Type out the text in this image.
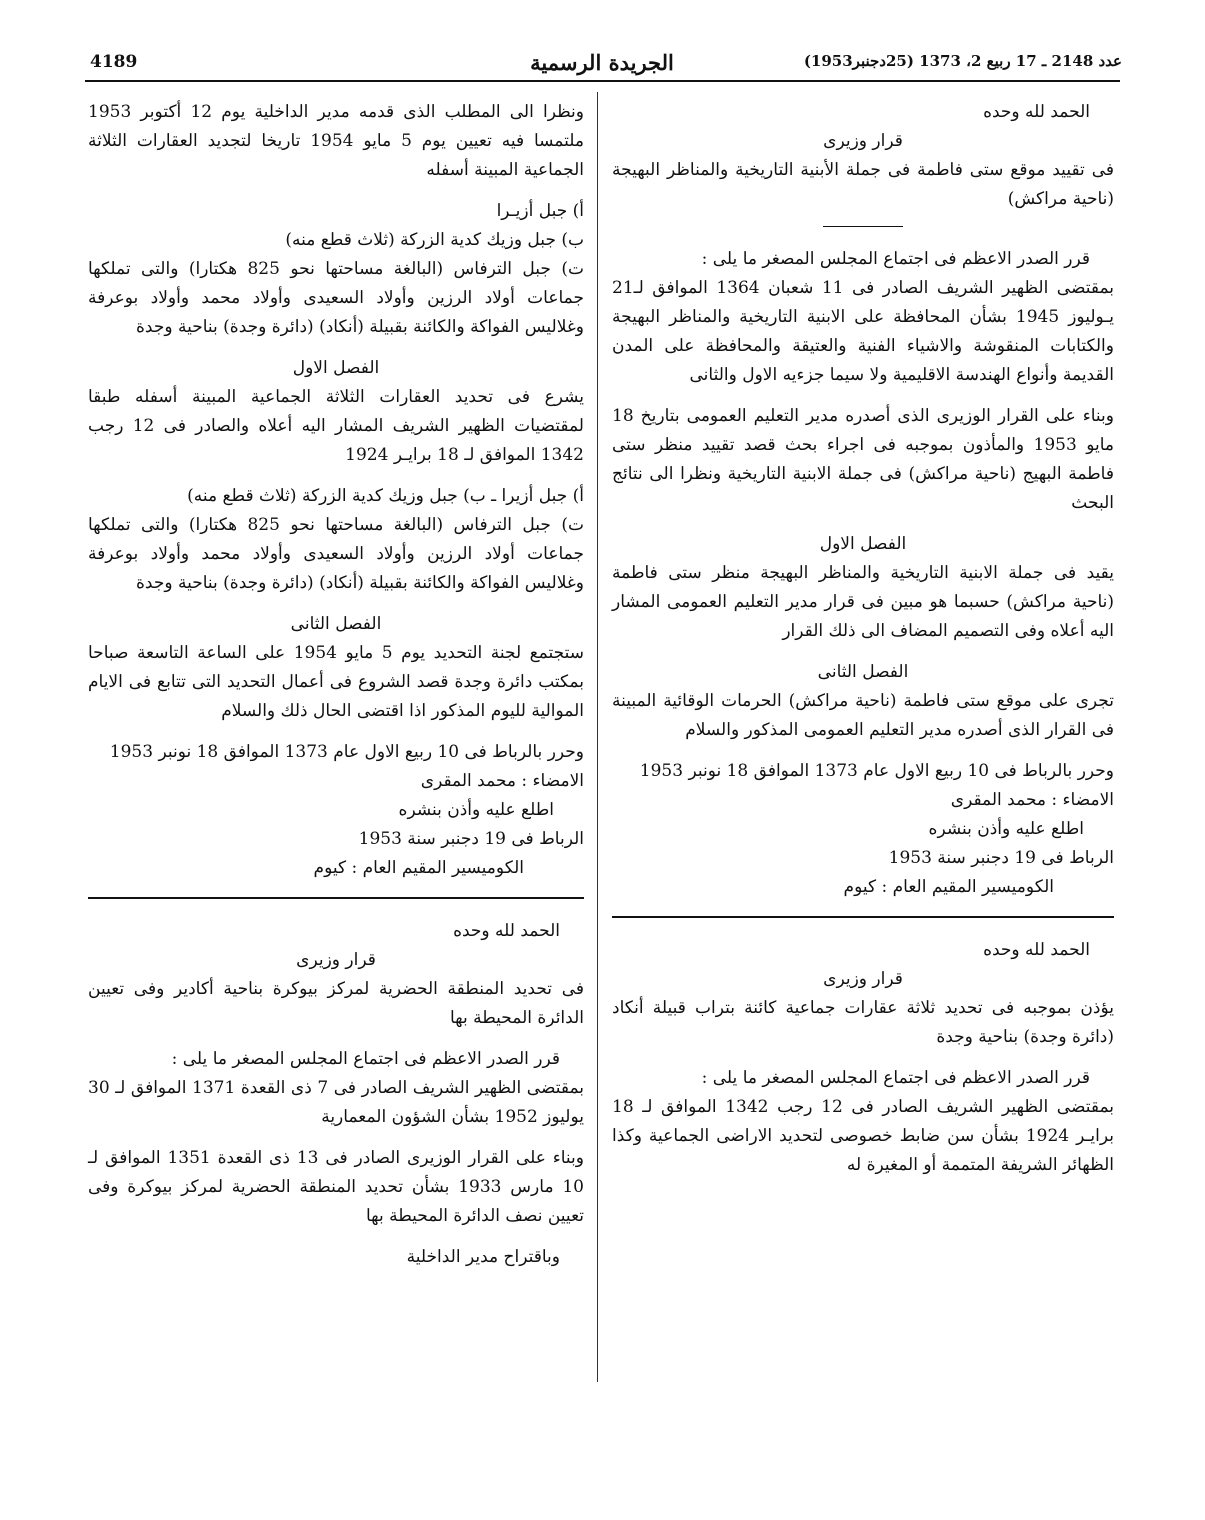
4189	الجريدة الرسمية	عدد 2148 ـ 17 ربيع 2، 1373 (25دجنبر1953)
الحمد لله وحده
قرار وزيرى
فى تقييد موقع ستى فاطمة فى جملة الأبنية التاريخية والمناظر البهيجة (ناحية مراكش)
قرر الصدر الاعظم فى اجتماع المجلس المصغر ما يلى :
بمقتضى الظهير الشريف الصادر فى 11 شعبان 1364 الموافق لـ21 يـوليوز 1945 بشأن المحافظة على الابنية التاريخية والمناظر البهيجة والكتابات المنقوشة والاشياء الفنية والعتيقة والمحافظة على المدن القديمة وأنواع الهندسة الاقليمية ولا سيما جزءيه الاول والثانى
وبناء على القرار الوزيرى الذى أصدره مدير التعليم العمومى بتاريخ 18 مايو 1953 والمأذون بموجبه فى اجراء بحث قصد تقييد منظر ستى فاطمة البهيج (ناحية مراكش) فى جملة الابنية التاريخية ونظرا الى نتائج البحث
الفصل الاول
يقيد فى جملة الابنية التاريخية والمناظر البهيجة منظر ستى فاطمة (ناحية مراكش) حسبما هو مبين فى قرار مدير التعليم العمومى المشار اليه أعلاه وفى التصميم المضاف الى ذلك القرار
الفصل الثانى
تجرى على موقع ستى فاطمة (ناحية مراكش) الحرمات الوقائية المبينة فى القرار الذى أصدره مدير التعليم العمومى المذكور والسلام
وحرر بالرباط فى 10 ربيع الاول عام 1373 الموافق 18 نونبر 1953
الامضاء : محمد المقرى
اطلع عليه وأذن بنشره
الرباط فى 19 دجنبر سنة 1953
الكوميسير المقيم العام : كيوم
الحمد لله وحده
قرار وزيرى
يؤذن بموجبه فى تحديد ثلاثة عقارات جماعية كائنة بتراب قبيلة أنكاد (دائرة وجدة) بناحية وجدة
قرر الصدر الاعظم فى اجتماع المجلس المصغر ما يلى :
بمقتضى الظهير الشريف الصادر فى 12 رجب 1342 الموافق لـ 18 برايـر 1924 بشأن سن ضابط خصوصى لتحديد الاراضى الجماعية وكذا الظهائر الشريفة المتممة أو المغيرة له
ونظرا الى المطلب الذى قدمه مدير الداخلية يوم 12 أكتوبر 1953 ملتمسا فيه تعيين يوم 5 مايو 1954 تاريخا لتجديد العقارات الثلاثة الجماعية المبينة أسفله
أ) جبل أزيـرا
ب) جبل وزيك كدية الزركة (ثلاث قطع منه)
ت) جبل الترفاس (البالغة مساحتها نحو 825 هكتارا) والتى تملكها جماعات أولاد الرزين وأولاد السعيدى وأولاد محمد وأولاد بوعرفة وغلاليس الفواكة والكائنة بقبيلة (أنكاد) (دائرة وجدة) بناحية وجدة
الفصل الاول
يشرع فى تحديد العقارات الثلاثة الجماعية المبينة أسفله طبقا لمقتضيات الظهير الشريف المشار اليه أعلاه والصادر فى 12 رجب 1342 الموافق لـ 18 برايـر 1924
أ) جبل أزيرا ـ ب) جبل وزيك كدية الزركة (ثلاث قطع منه)
ت) جبل الترفاس (البالغة مساحتها نحو 825 هكتارا) والتى تملكها جماعات أولاد الرزين وأولاد السعيدى وأولاد محمد وأولاد بوعرفة وغلاليس الفواكة والكائنة بقبيلة (أنكاد) (دائرة وجدة) بناحية وجدة
الفصل الثانى
ستجتمع لجنة التحديد يوم 5 مايو 1954 على الساعة التاسعة صباحا بمكتب دائرة وجدة قصد الشروع فى أعمال التحديد التى تتابع فى الايام الموالية لليوم المذكور اذا اقتضى الحال ذلك والسلام
وحرر بالرباط فى 10 ربيع الاول عام 1373 الموافق 18 نونبر 1953
الامضاء : محمد المقرى
اطلع عليه وأذن بنشره
الرباط فى 19 دجنبر سنة 1953
الكوميسير المقيم العام : كيوم
الحمد لله وحده
قرار وزيرى
فى تحديد المنطقة الحضرية لمركز بيوكرة بناحية أكادير وفى تعيين الدائرة المحيطة بها
قرر الصدر الاعظم فى اجتماع المجلس المصغر ما يلى :
بمقتضى الظهير الشريف الصادر فى 7 ذى القعدة 1371 الموافق لـ 30 يوليوز 1952 بشأن الشؤون المعمارية
وبناء على القرار الوزيرى الصادر فى 13 ذى القعدة 1351 الموافق لـ 10 مارس 1933 بشأن تحديد المنطقة الحضرية لمركز بيوكرة وفى تعيين نصف الدائرة المحيطة بها
وباقتراح مدير الداخلية
